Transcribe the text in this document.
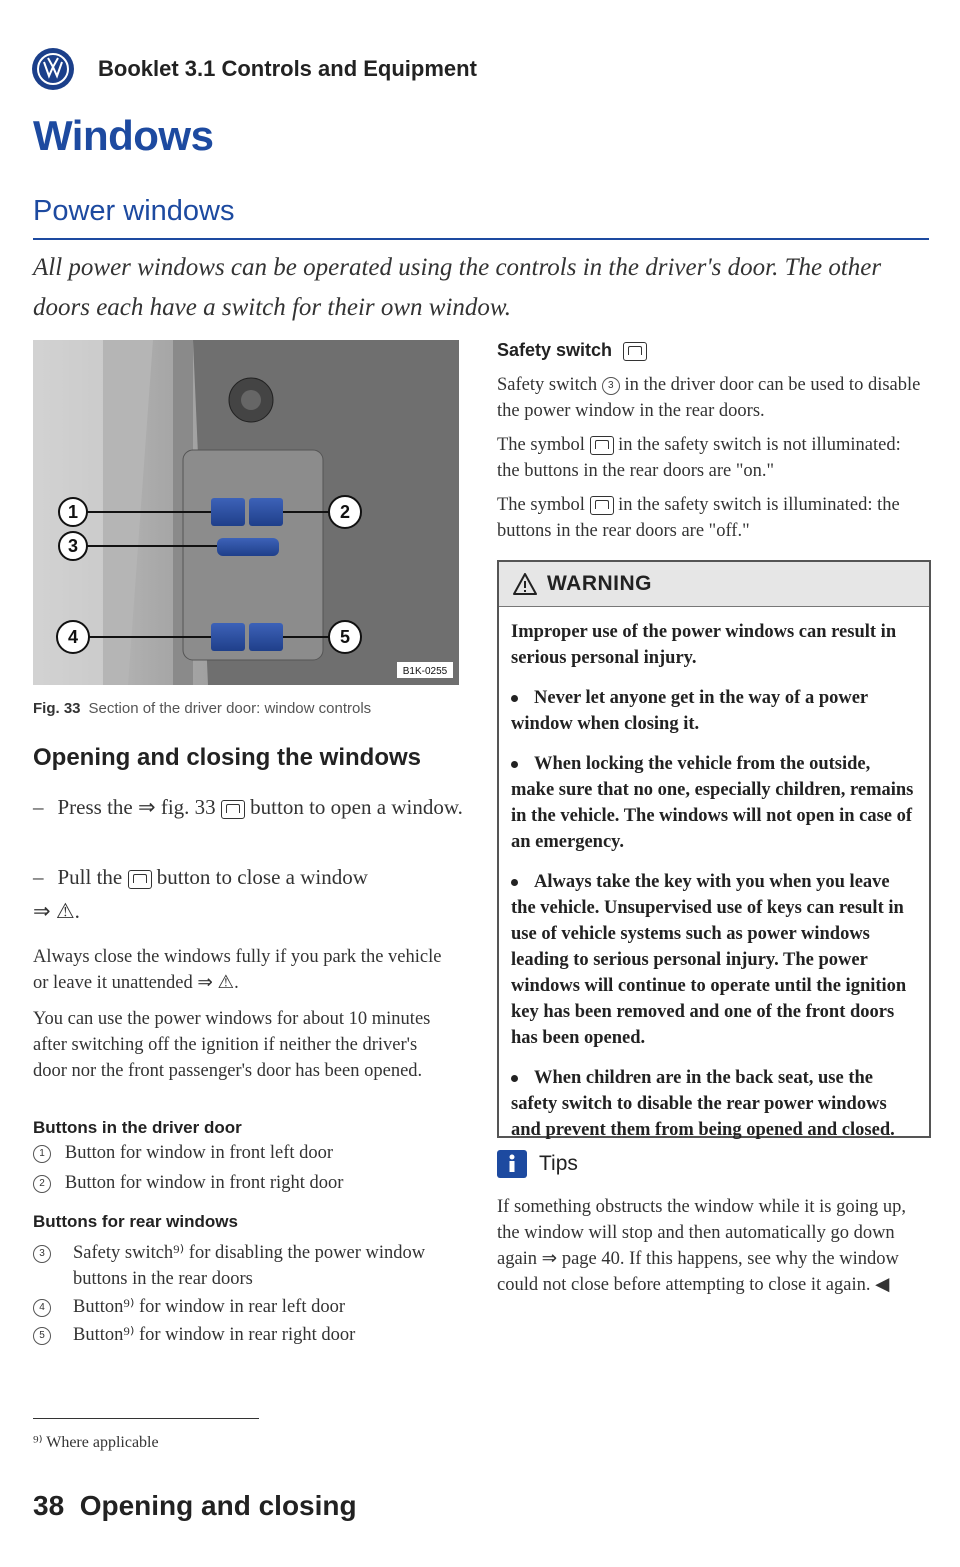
Booklet 3.1 Controls and Equipment
Windows
Power windows
All power windows can be operated using the controls in the driver's door. The other doors each have a switch for their own window.
1	2
3
4	5
B1K-0255
Fig. 33 Section of the driver door: window controls
Opening and closing the windows
– Press the ⇒ fig. 33 button to open a window.
– Pull the button to close a window
⇒ ⚠.
Always close the windows fully if you park the vehicle or leave it unattended ⇒ ⚠.
You can use the power windows for about 10 minutes after switching off the ignition if neither the driver's door nor the front passenger's door has been opened.
Buttons in the driver door
1 Button for window in front left door
2 Button for window in front right door
Buttons for rear windows
3	Safety switch⁹⁾ for disabling the power window buttons in the rear doors
4	Button⁹⁾ for window in rear left door
5	Button⁹⁾ for window in rear right door
⁹⁾ Where applicable
38 Opening and closing
Safety switch
Safety switch 3 in the driver door can be used to disable the power window in the rear doors.
The symbol in the safety switch is not illuminated: the buttons in the rear doors are "on."
The symbol in the safety switch is illuminated: the buttons in the rear doors are "off."
WARNING
Improper use of the power windows can result in serious personal injury.
Never let anyone get in the way of a power window when closing it.
When locking the vehicle from the outside, make sure that no one, especially children, remains in the vehicle. The windows will not open in case of an emergency.
Always take the key with you when you leave the vehicle. Unsupervised use of keys can result in use of vehicle systems such as power windows leading to serious personal injury. The power windows will continue to operate until the ignition key has been removed and one of the front doors has been opened.
When children are in the back seat, use the safety switch to disable the rear power windows and prevent them from being opened and closed.
Tips
If something obstructs the window while it is going up, the window will stop and then automatically go down again ⇒ page 40. If this happens, see why the window could not close before attempting to close it again. ◀
